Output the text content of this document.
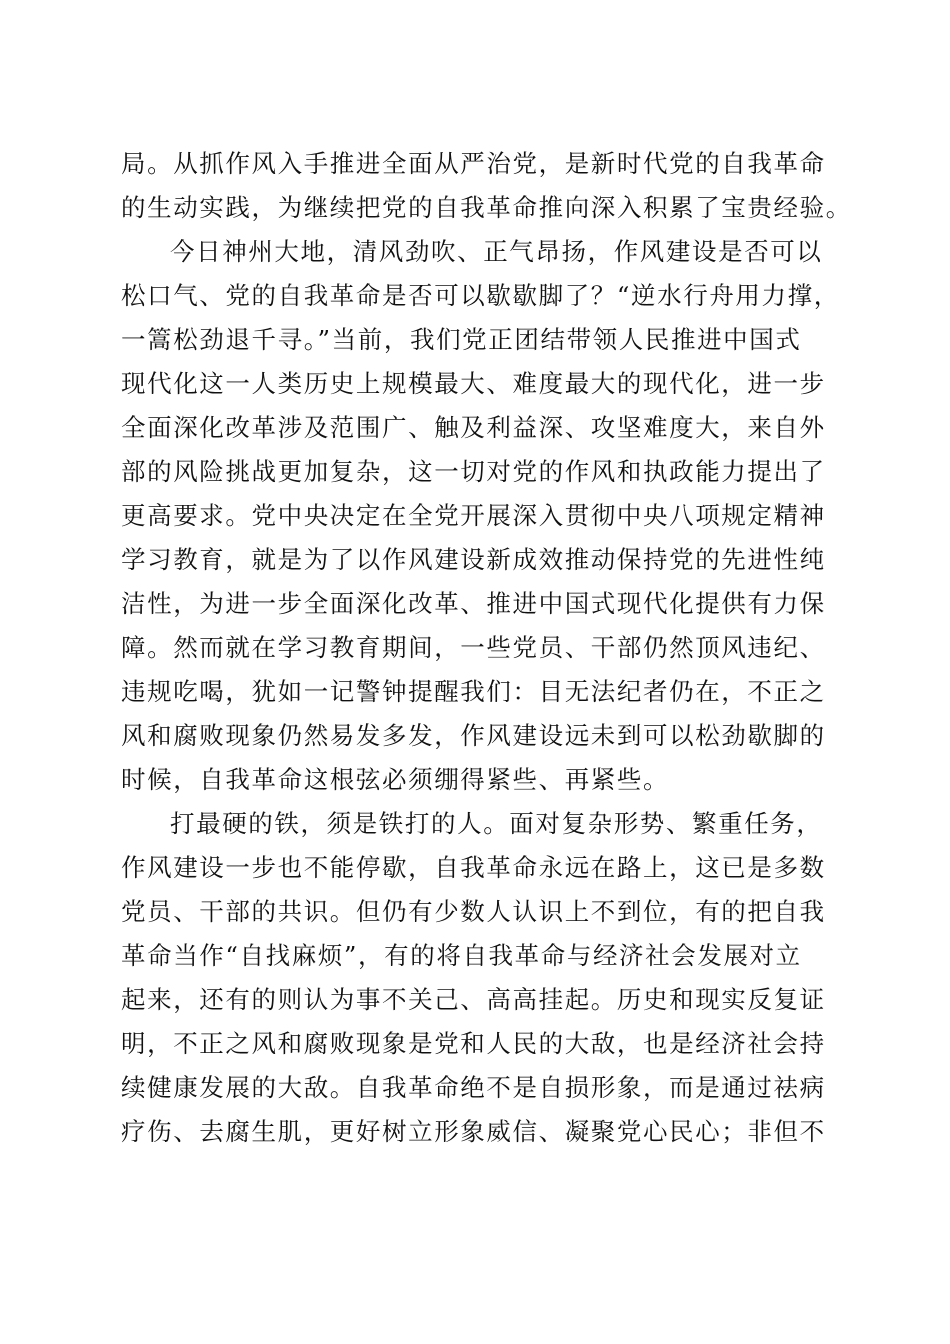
局。从抓作风入手推进全面从严治党，是新时代党的自我革命
的生动实践，为继续把党的自我革命推向深入积累了宝贵经验。
今日神州大地，清风劲吹、正气昂扬，作风建设是否可以
松口气、党的自我革命是否可以歇歇脚了？“逆水行舟用力撑，
一篙松劲退千寻。”当前，我们党正团结带领人民推进中国式
现代化这一人类历史上规模最大、难度最大的现代化，进一步
全面深化改革涉及范围广、触及利益深、攻坚难度大，来自外
部的风险挑战更加复杂，这一切对党的作风和执政能力提出了
更高要求。党中央决定在全党开展深入贯彻中央八项规定精神
学习教育，就是为了以作风建设新成效推动保持党的先进性纯
洁性，为进一步全面深化改革、推进中国式现代化提供有力保
障。然而就在学习教育期间，一些党员、干部仍然顶风违纪、
违规吃喝，犹如一记警钟提醒我们：目无法纪者仍在，不正之
风和腐败现象仍然易发多发，作风建设远未到可以松劲歇脚的
时候，自我革命这根弦必须绷得紧些、再紧些。
打最硬的铁，须是铁打的人。面对复杂形势、繁重任务，
作风建设一步也不能停歇，自我革命永远在路上，这已是多数
党员、干部的共识。但仍有少数人认识上不到位，有的把自我
革命当作“自找麻烦”，有的将自我革命与经济社会发展对立
起来，还有的则认为事不关己、高高挂起。历史和现实反复证
明，不正之风和腐败现象是党和人民的大敌，也是经济社会持
续健康发展的大敌。自我革命绝不是自损形象，而是通过祛病
疗伤、去腐生肌，更好树立形象威信、凝聚党心民心；非但不
